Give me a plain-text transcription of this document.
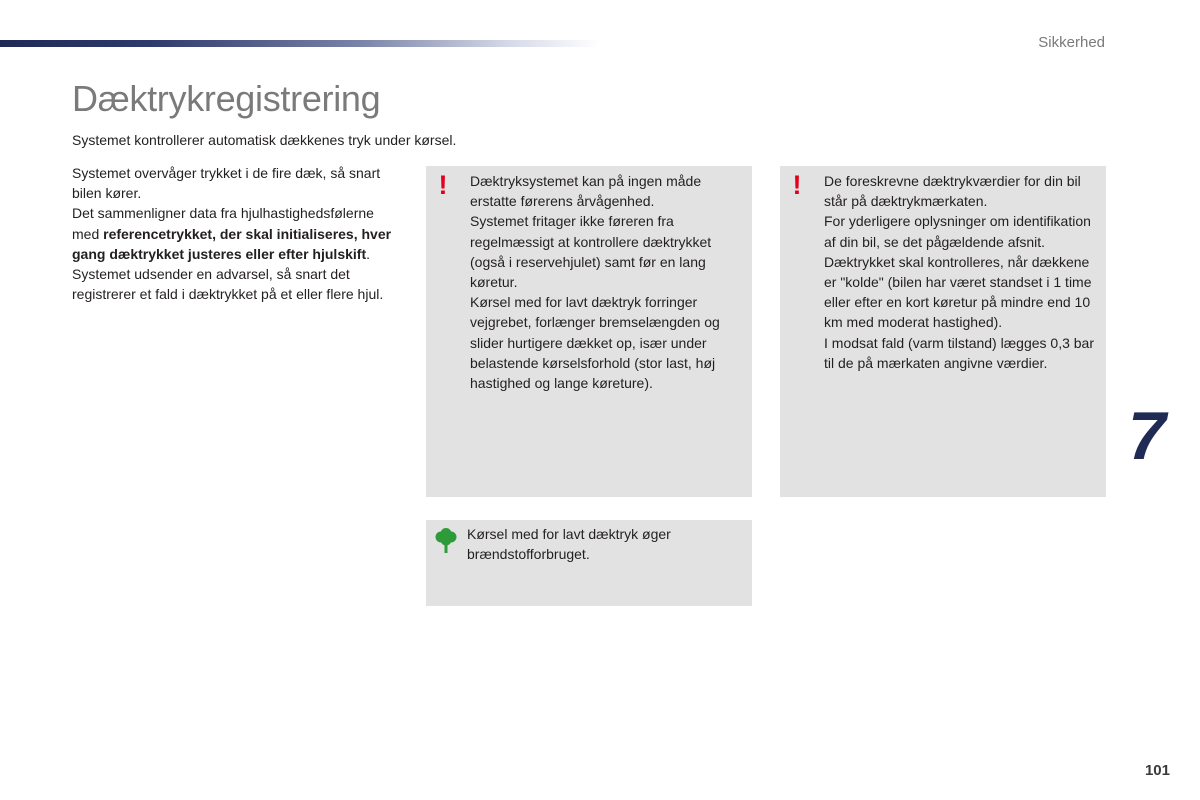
Sikkerhed
Dæktrykregistrering
Systemet kontrollerer automatisk dækkenes tryk under kørsel.

Systemet overvåger trykket i de fire dæk, så snart bilen kører.

Det sammenligner data fra hjulhastighedsfølerne med referencetrykket, der skal initialiseres, hver gang dæktrykket justeres eller efter hjulskift.

Systemet udsender en advarsel, så snart det registrerer et fald i dæktrykket på et eller flere hjul.

! Dæktryksystemet kan på ingen måde erstatte førerens årvågenhed.

Systemet fritager ikke føreren fra regelmæssigt at kontrollere dæktrykket (også i reservehjulet) samt før en lang køretur.

Kørsel med for lavt dæktryk forringer vejgrebet, forlænger bremselængden og slider hurtigere dækket op, især under belastende kørselsforhold (stor last, høj hastighed og lange køreture).

! De foreskrevne dæktrykværdier for din bil står på dæktrykmærkaten.

For yderligere oplysninger om identifikation af din bil, se det pågældende afsnit.

Dæktrykket skal kontrolleres, når dækkene er "kolde" (bilen har været standset i 1 time eller efter en kort køretur på mindre end 10 km med moderat hastighed).

I modsat fald (varm tilstand) lægges 0,3 bar til de på mærkaten angivne værdier.

Kørsel med for lavt dæktryk øger brændstofforbruget.

7
101
